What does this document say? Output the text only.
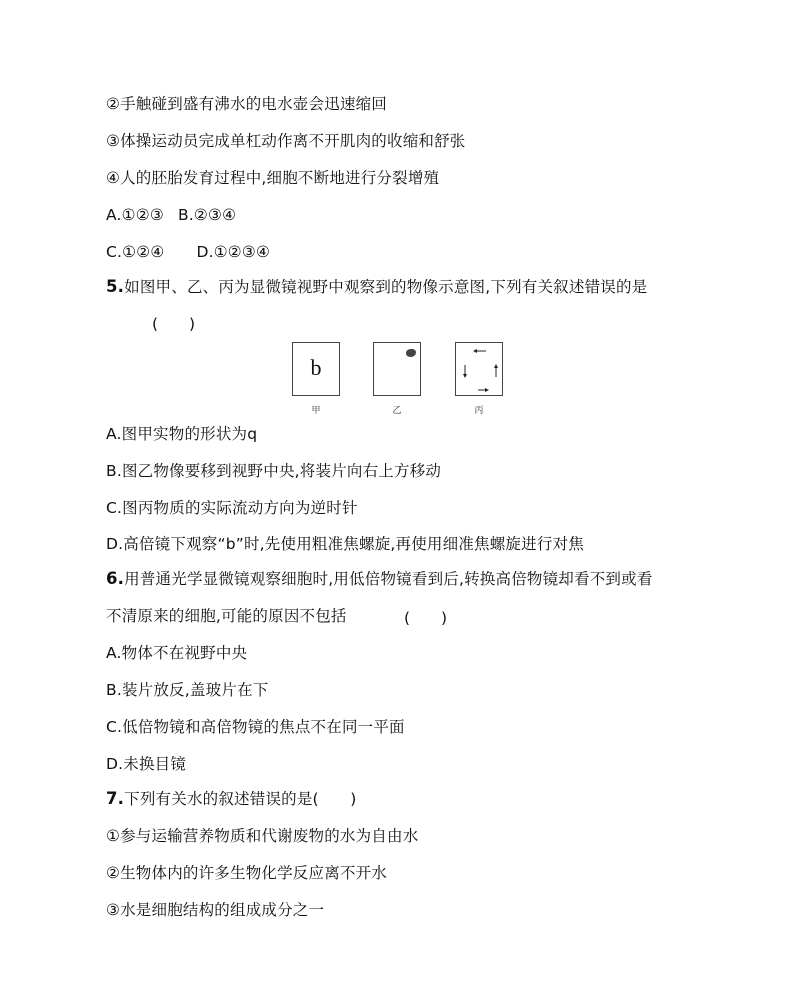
②手触碰到盛有沸水的电水壶会迅速缩回
③体操运动员完成单杠动作离不开肌肉的收缩和舒张
④人的胚胎发育过程中,细胞不断地进行分裂增殖
A.①②③ B.②③④
C.①②④ D.①②③④
5.如图甲、乙、丙为显微镜视野中观察到的物像示意图,下列有关叙述错误的是
(　　)
b
甲	乙	丙
A.图甲实物的形状为q
B.图乙物像要移到视野中央,将装片向右上方移动
C.图丙物质的实际流动方向为逆时针
D.高倍镜下观察“b”时,先使用粗准焦螺旋,再使用细准焦螺旋进行对焦
6.用普通光学显微镜观察细胞时,用低倍物镜看到后,转换高倍物镜却看不到或看
不清原来的细胞,可能的原因不包括	(　　)
A.物体不在视野中央
B.装片放反,盖玻片在下
C.低倍物镜和高倍物镜的焦点不在同一平面
D.未换目镜
7.下列有关水的叙述错误的是(　　)
①参与运输营养物质和代谢废物的水为自由水
②生物体内的许多生物化学反应离不开水
③水是细胞结构的组成成分之一
